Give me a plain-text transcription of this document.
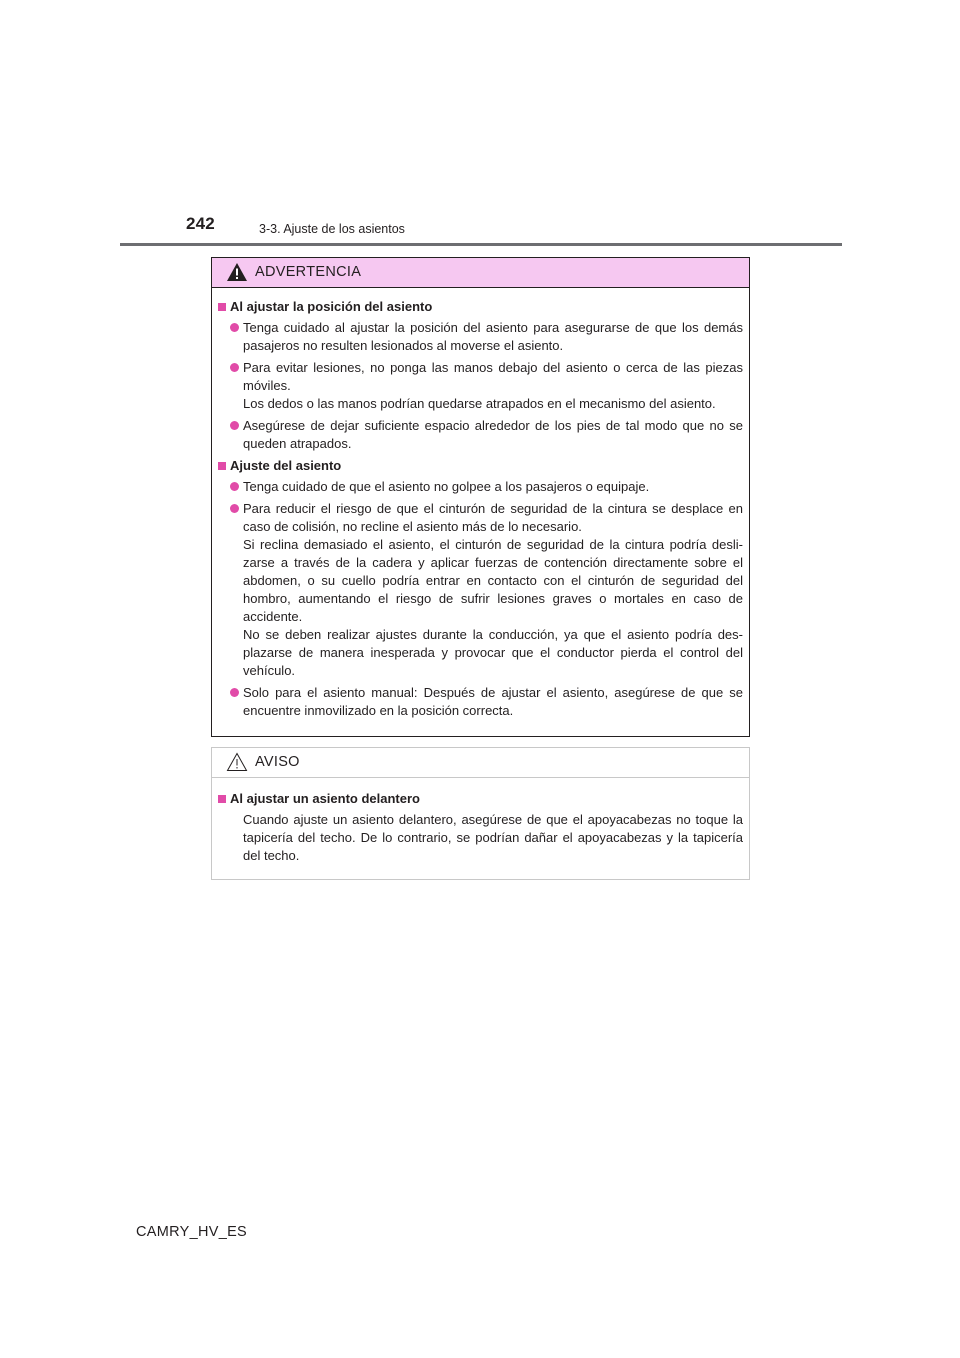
242	3-3. Ajuste de los asientos
ADVERTENCIA
Al ajustar la posición del asiento
Tenga cuidado al ajustar la posición del asiento para asegurarse de que los demás pasajeros no resulten lesionados al moverse el asiento.
Para evitar lesiones, no ponga las manos debajo del asiento o cerca de las piezas móviles.
Los dedos o las manos podrían quedarse atrapados en el mecanismo del asiento.
Asegúrese de dejar suficiente espacio alrededor de los pies de tal modo que no se queden atrapados.
Ajuste del asiento
Tenga cuidado de que el asiento no golpee a los pasajeros o equipaje.
Para reducir el riesgo de que el cinturón de seguridad de la cintura se desplace en caso de colisión, no recline el asiento más de lo necesario.
Si reclina demasiado el asiento, el cinturón de seguridad de la cintura podría desli-zarse a través de la cadera y aplicar fuerzas de contención directamente sobre el abdomen, o su cuello podría entrar en contacto con el cinturón de seguridad del hombro, aumentando el riesgo de sufrir lesiones graves o mortales en caso de accidente.
No se deben realizar ajustes durante la conducción, ya que el asiento podría des-plazarse de manera inesperada y provocar que el conductor pierda el control del vehículo.
Solo para el asiento manual: Después de ajustar el asiento, asegúrese de que se encuentre inmovilizado en la posición correcta.
AVISO
Al ajustar un asiento delantero
Cuando ajuste un asiento delantero, asegúrese de que el apoyacabezas no toque la tapicería del techo. De lo contrario, se podrían dañar el apoyacabezas y la tapicería del techo.
CAMRY_HV_ES
